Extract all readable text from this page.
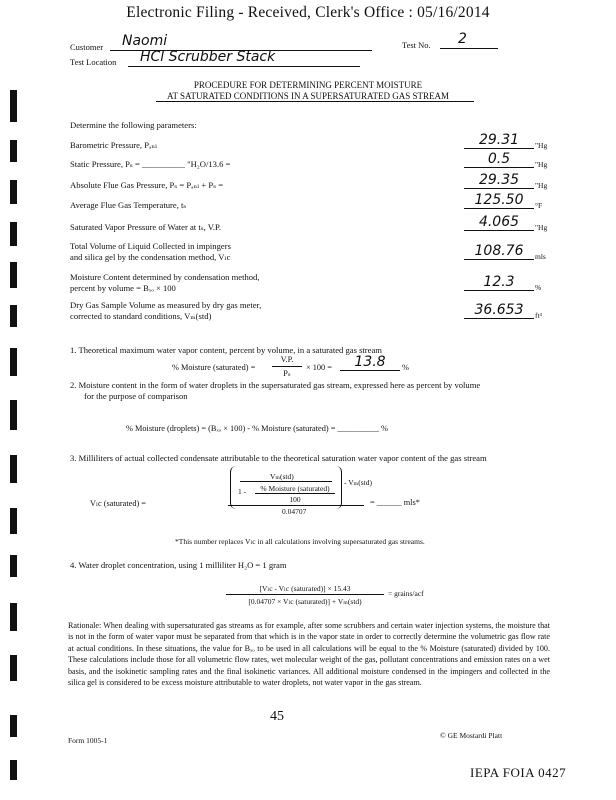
Electronic Filing - Received, Clerk's Office : 05/16/2014
Customer Naomi	Test No. 2
Test Location HCl Scrubber Stack
PROCEDURE FOR DETERMINING PERCENT MOISTURE
AT SATURATED CONDITIONS IN A SUPERSATURATED GAS STREAM
Determine the following parameters:
Barometric Pressure, Pₐₙₗ	29.31	"Hg
Static Pressure, Pₛ = __________ "H₂O/13.6 =	0.5	"Hg
Absolute Flue Gas Pressure, Pₛ = Pₐₙₗ + Pₛ =	29.35	"Hg
Average Flue Gas Temperature, tₛ	125.50	°F
Saturated Vapor Pressure of Water at tₛ, V.P.	4.065	"Hg
Total Volume of Liquid Collected in impingers
and silica gel by the condensation method, Vₗc	108.76	mls
Moisture Content determined by condensation method,
percent by volume = Bₓₒ × 100	12.3	%
Dry Gas Sample Volume as measured by dry gas meter,
corrected to standard conditions, Vₘ(std)	36.653	ft³
1. Theoretical maximum water vapor content, percent by volume, in a saturated gas stream
% Moisture (saturated) =
V.P.
Pₛ
× 100 =	13.8	%
2. Moisture content in the form of water droplets in the supersaturated gas stream, expressed here as percent by volume
for the purpose of comparison
% Moisture (droplets) = (Bₓₒ × 100) - % Moisture (saturated) = __________ %
3. Milliliters of actual collected condensate attributable to the theoretical saturation water vapor content of the gas stream
Vₘ(std)
1 -	% Moisture (saturated)
100
- Vₘ(std)
Vₗc (saturated) =
0.04707
= ______ mls*
*This number replaces Vₗc in all calculations involving supersaturated gas streams.
4. Water droplet concentration, using 1 milliliter H₂O = 1 gram
[Vₗc - Vₗc (saturated)] × 15.43
[0.04707 × Vₗc (saturated)] + Vₘ(std)
= grains/acf
Rationale: When dealing with supersaturated gas streams as for example, after some scrubbers and certain water injection systems, the moisture that is not in the form of water vapor must be separated from that which is in the vapor state in order to correctly determine the volumetric gas flow rate at actual conditions. In these situations, the value for Bₓₒ to be used in all calculations will be equal to the % Moisture (saturated) divided by 100. These calculations include those for all volumetric flow rates, wet molecular weight of the gas, pollutant concentrations and emission rates on a wet basis, and the isokinetic sampling rates and the final isokinetic variances. All additional moisture condensed in the impingers and collected in the silica gel is considered to be excess moisture attributable to water droplets, not water vapor in the gas stream.
45
Form 1005-1
© GE Mostardi Platt
IEPA FOIA 0427
